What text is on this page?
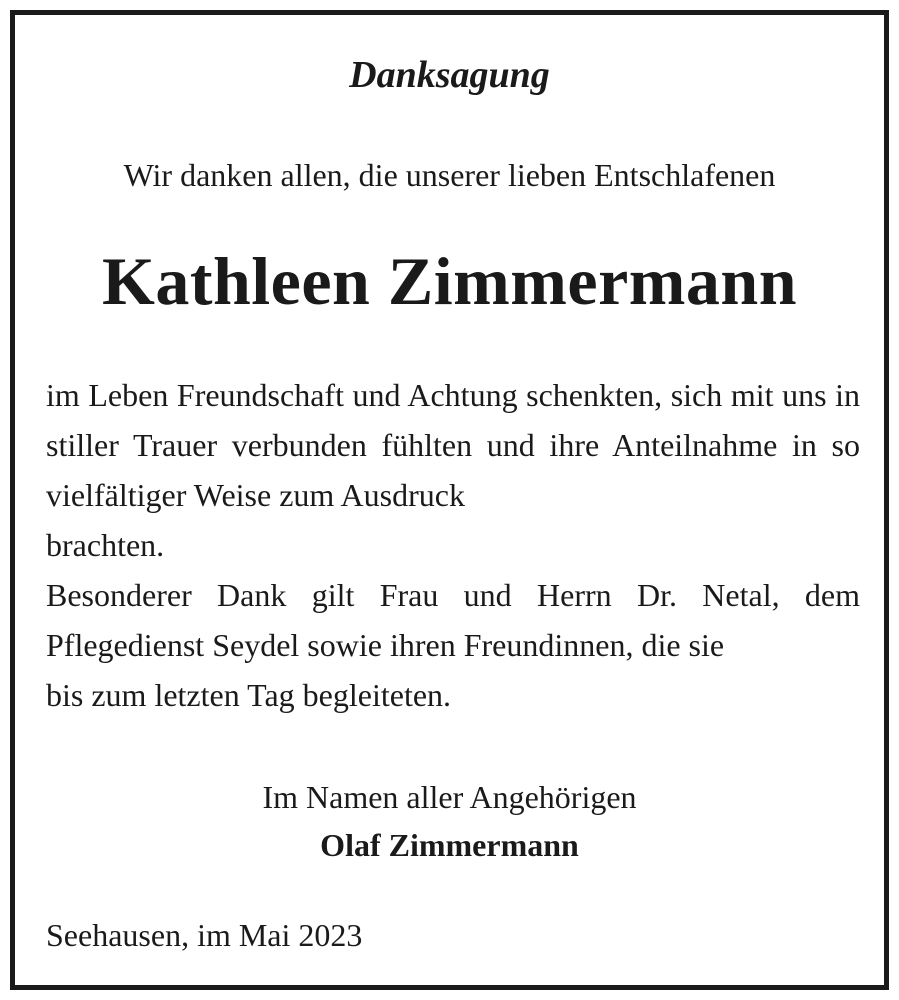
Danksagung
Wir danken allen, die unserer lieben Entschlafenen
Kathleen Zimmermann

im Leben Freundschaft und Achtung schenkten, sich mit uns in stiller Trauer verbunden fühlten und ihre Anteilnahme in so vielfältiger Weise zum Ausdruck
brachten.

Besonderer Dank gilt Frau und Herrn Dr. Netal, dem Pflegedienst Seydel sowie ihren Freundinnen, die sie
bis zum letzten Tag begleiteten.

Im Namen aller Angehörigen
Olaf Zimmermann
Seehausen, im Mai 2023
